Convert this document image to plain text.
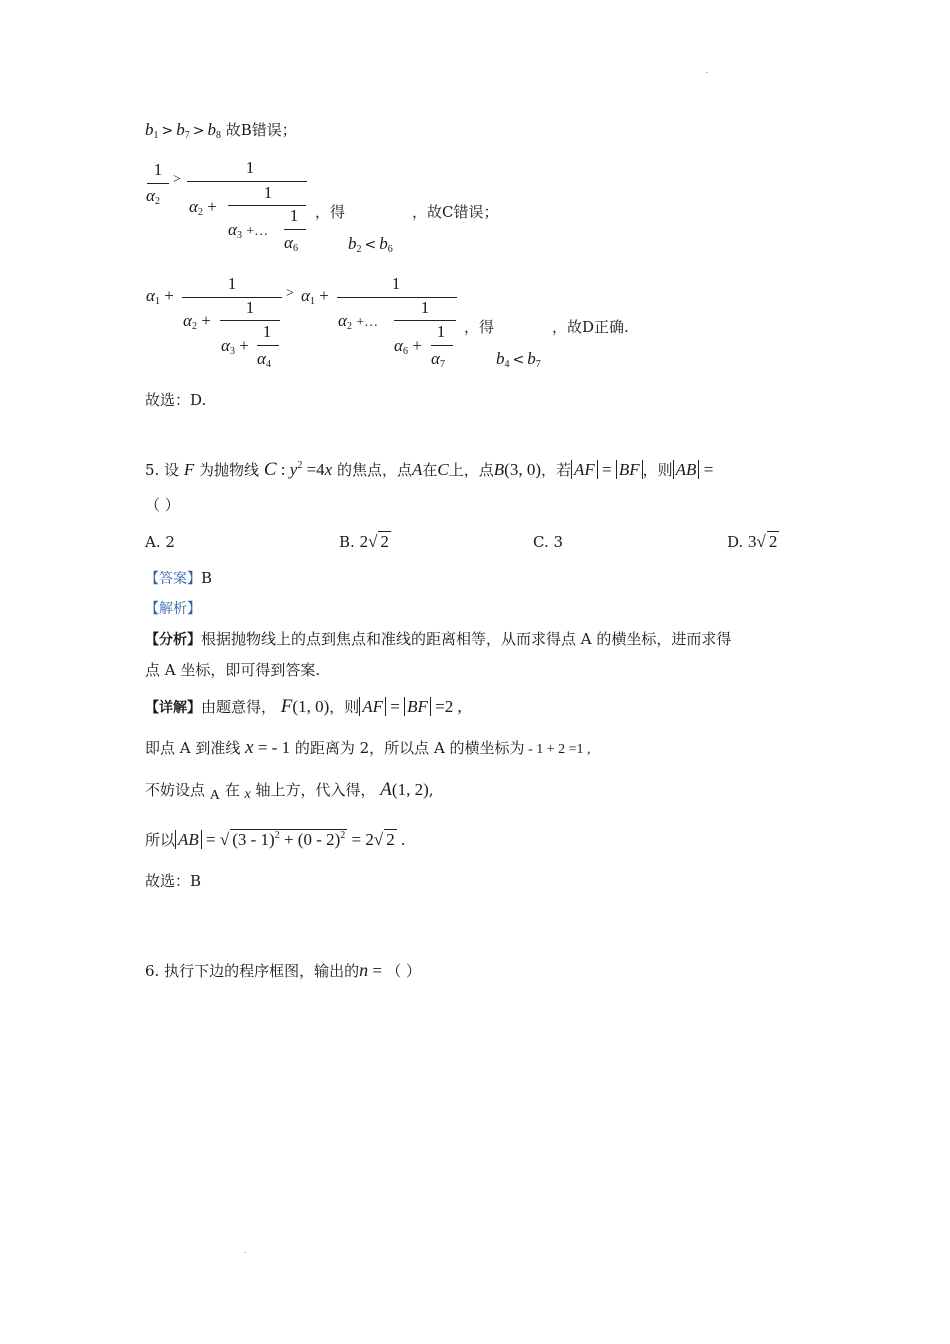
$b_1 > b_7 > b_8$ 故B错误；
1
$\alpha_2$
>
1
$\alpha_2$ +
1
$\alpha_3$ +…
1
$\alpha_6$
，得	，故C错误；
$b_2 < b_6$
$\alpha_1$ +
1
$\alpha_2$ +
1
$\alpha_3$ +
1
$\alpha_4$
> $\alpha_1$ +
1
$\alpha_2$ +…
1
$\alpha_6$ +
1
$\alpha_7$
，得	，故D正确.
$b_4 < b_7$
故选：D.
5. 设 F 为抛物线 C : $y^2 =4x$ 的焦点，点A在C上，点B(3, 0)，若 AF = BF ，则 AB =
（ ）
A. 2	B. 2√ 2	C. 3	D. 3√ 2
【答案】B
【解析】
【分析】根据抛物线上的点到焦点和准线的距离相等，从而求得点 A 的横坐标，进而求得
点 A 坐标，即可得到答案.
【详解】由题意得， F(1, 0)，则 AF = BF =2 ,
即点 A 到准线 x = - 1 的距离为 2，所以点 A 的横坐标为 - 1 + 2 =1 ,
不妨设点 A 在 x 轴上方，代入得， A(1, 2),
所以 AB = √ (3 - 1)$^2$ + (0 - 2)$^2$ = 2√ 2 .
故选：B
6. 执行下边的程序框图，输出的n = （ ）
